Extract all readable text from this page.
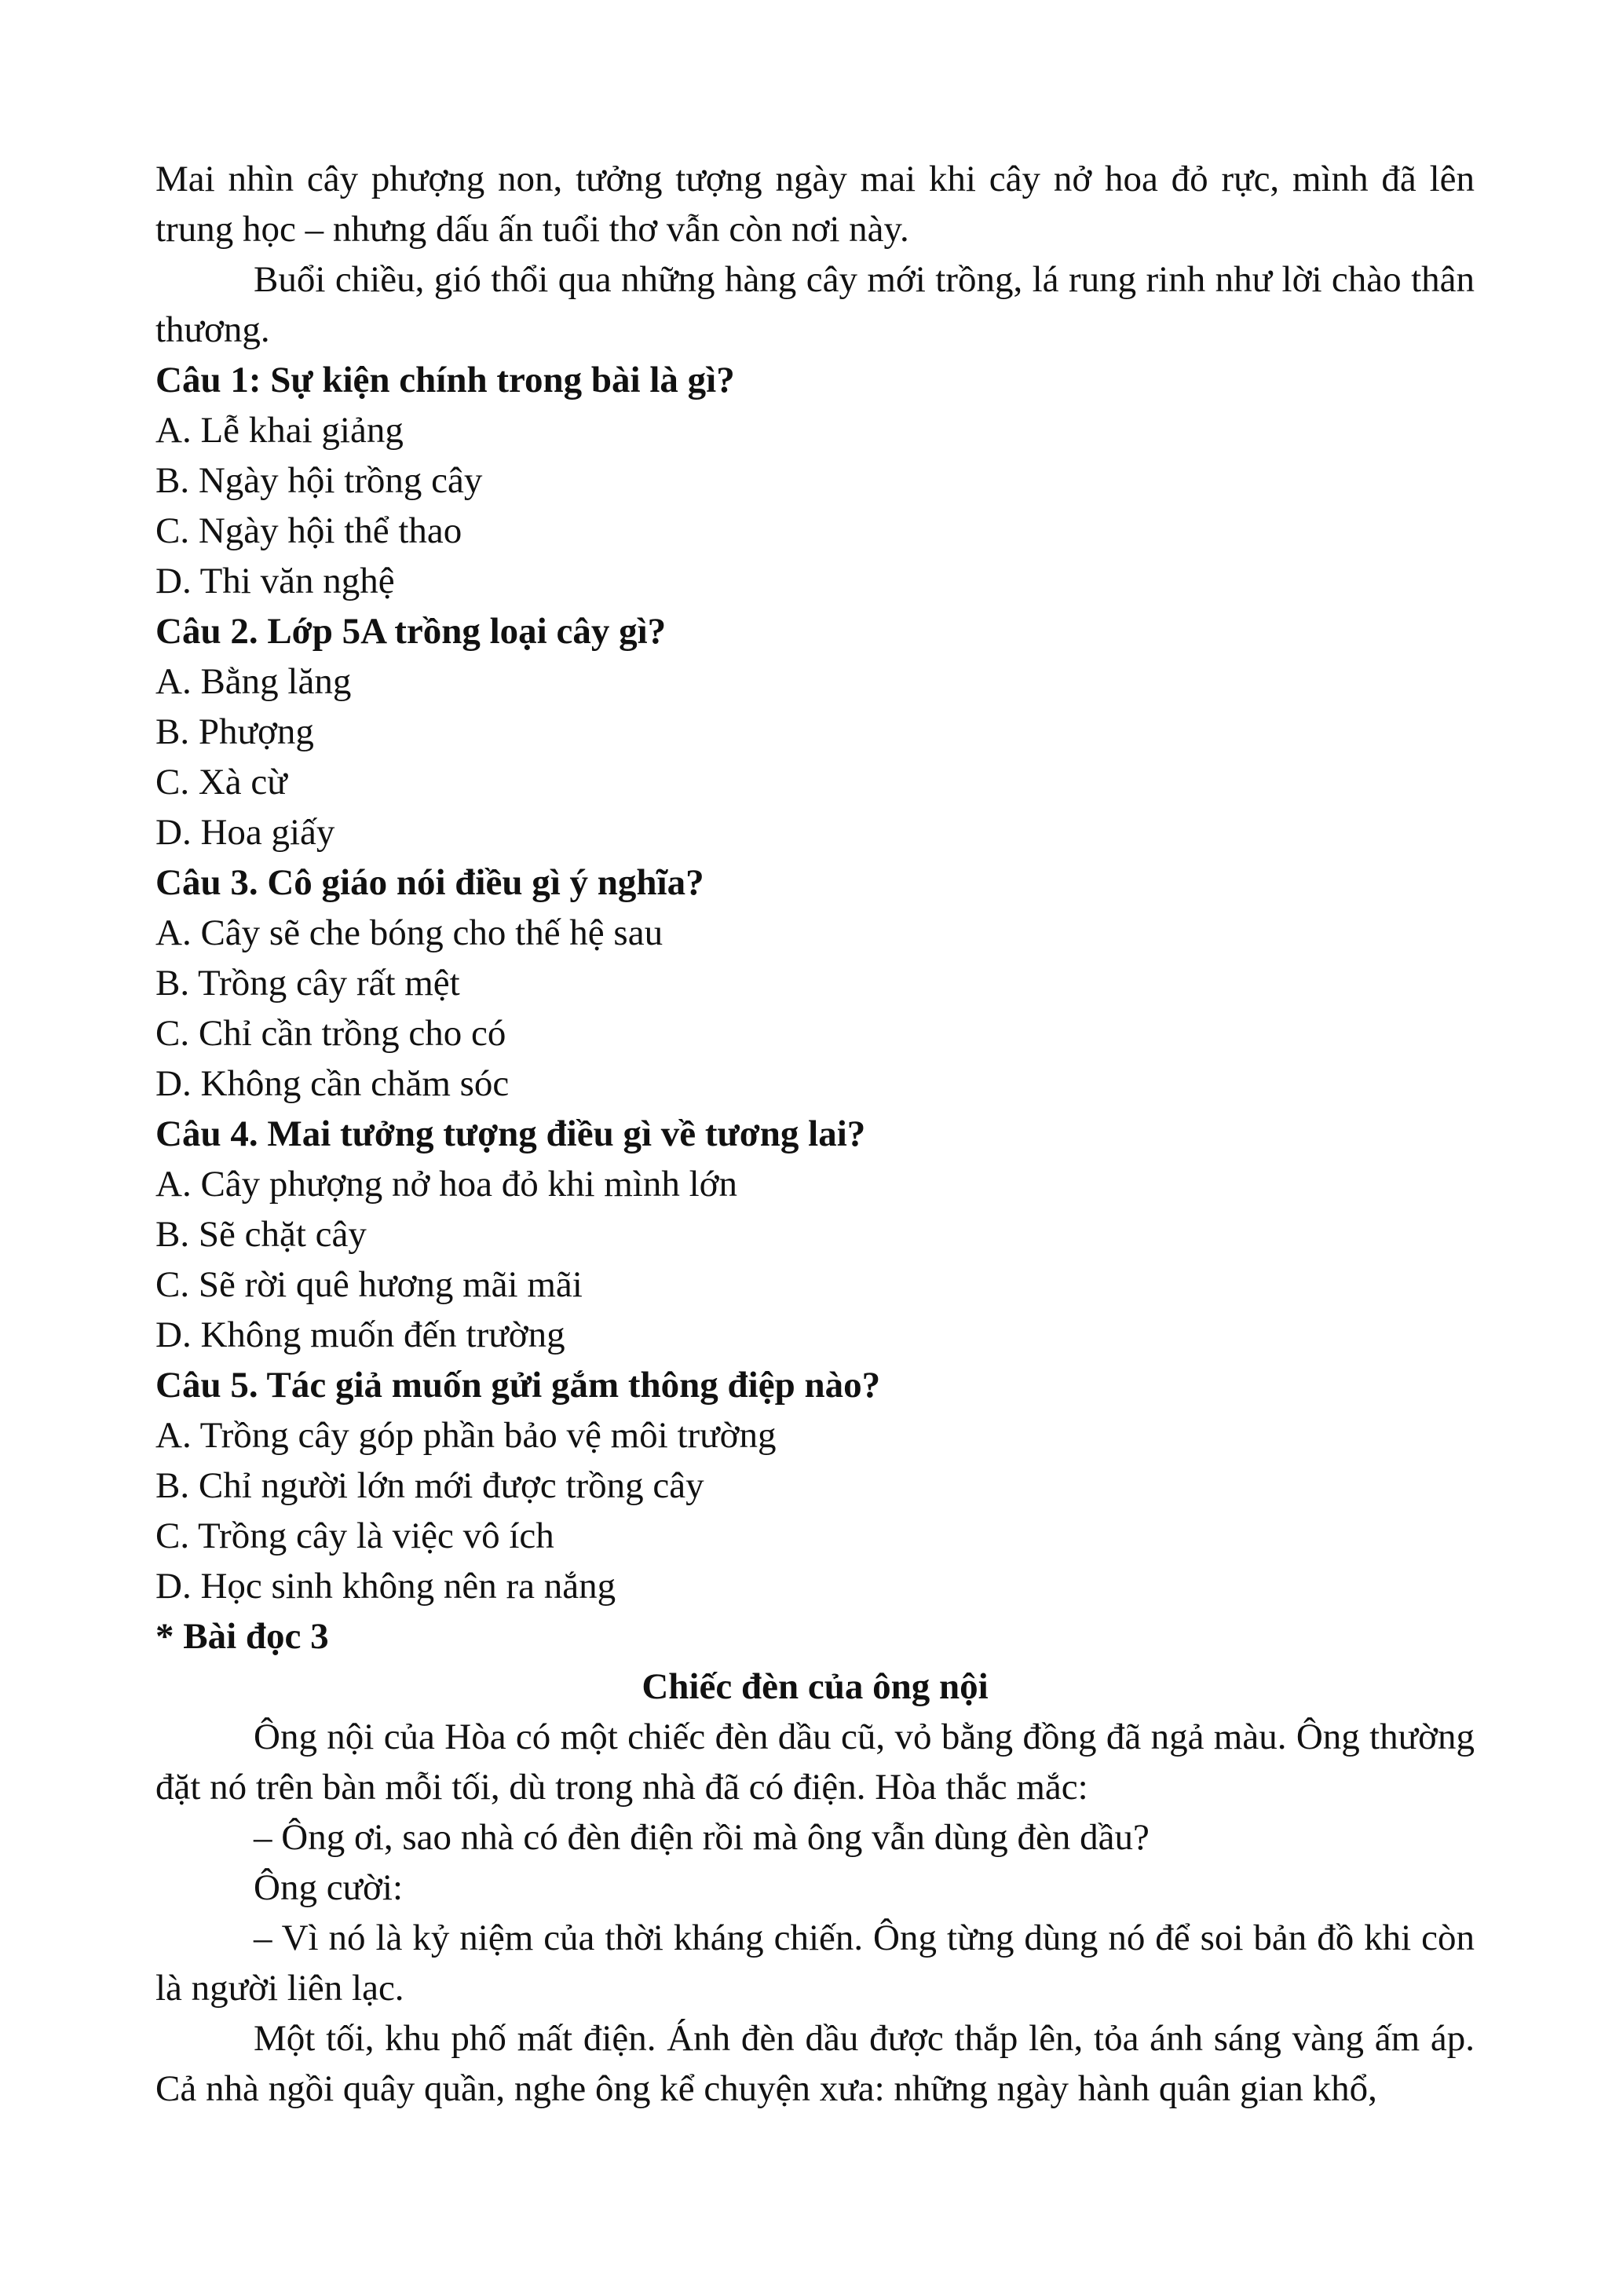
Mai nhìn cây phượng non, tưởng tượng ngày mai khi cây nở hoa đỏ rực, mình đã lên trung học – nhưng dấu ấn tuổi thơ vẫn còn nơi này.

Buổi chiều, gió thổi qua những hàng cây mới trồng, lá rung rinh như lời chào thân thương.

Câu 1: Sự kiện chính trong bài là gì?

A. Lễ khai giảng

B. Ngày hội trồng cây

C. Ngày hội thể thao

D. Thi văn nghệ

Câu 2. Lớp 5A trồng loại cây gì?

A. Bằng lăng

B. Phượng

C. Xà cừ

D. Hoa giấy

Câu 3. Cô giáo nói điều gì ý nghĩa?

A. Cây sẽ che bóng cho thế hệ sau

B. Trồng cây rất mệt

C. Chỉ cần trồng cho có

D. Không cần chăm sóc

Câu 4. Mai tưởng tượng điều gì về tương lai?

A. Cây phượng nở hoa đỏ khi mình lớn

B. Sẽ chặt cây

C. Sẽ rời quê hương mãi mãi

D. Không muốn đến trường

Câu 5. Tác giả muốn gửi gắm thông điệp nào?

A. Trồng cây góp phần bảo vệ môi trường

B. Chỉ người lớn mới được trồng cây

C. Trồng cây là việc vô ích

D. Học sinh không nên ra nắng

* Bài đọc 3

Chiếc đèn của ông nội

Ông nội của Hòa có một chiếc đèn dầu cũ, vỏ bằng đồng đã ngả màu. Ông thường đặt nó trên bàn mỗi tối, dù trong nhà đã có điện. Hòa thắc mắc:

– Ông ơi, sao nhà có đèn điện rồi mà ông vẫn dùng đèn dầu?

Ông cười:

– Vì nó là kỷ niệm của thời kháng chiến. Ông từng dùng nó để soi bản đồ khi còn là người liên lạc.

Một tối, khu phố mất điện. Ánh đèn dầu được thắp lên, tỏa ánh sáng vàng ấm áp. Cả nhà ngồi quây quần, nghe ông kể chuyện xưa: những ngày hành quân gian khổ,
